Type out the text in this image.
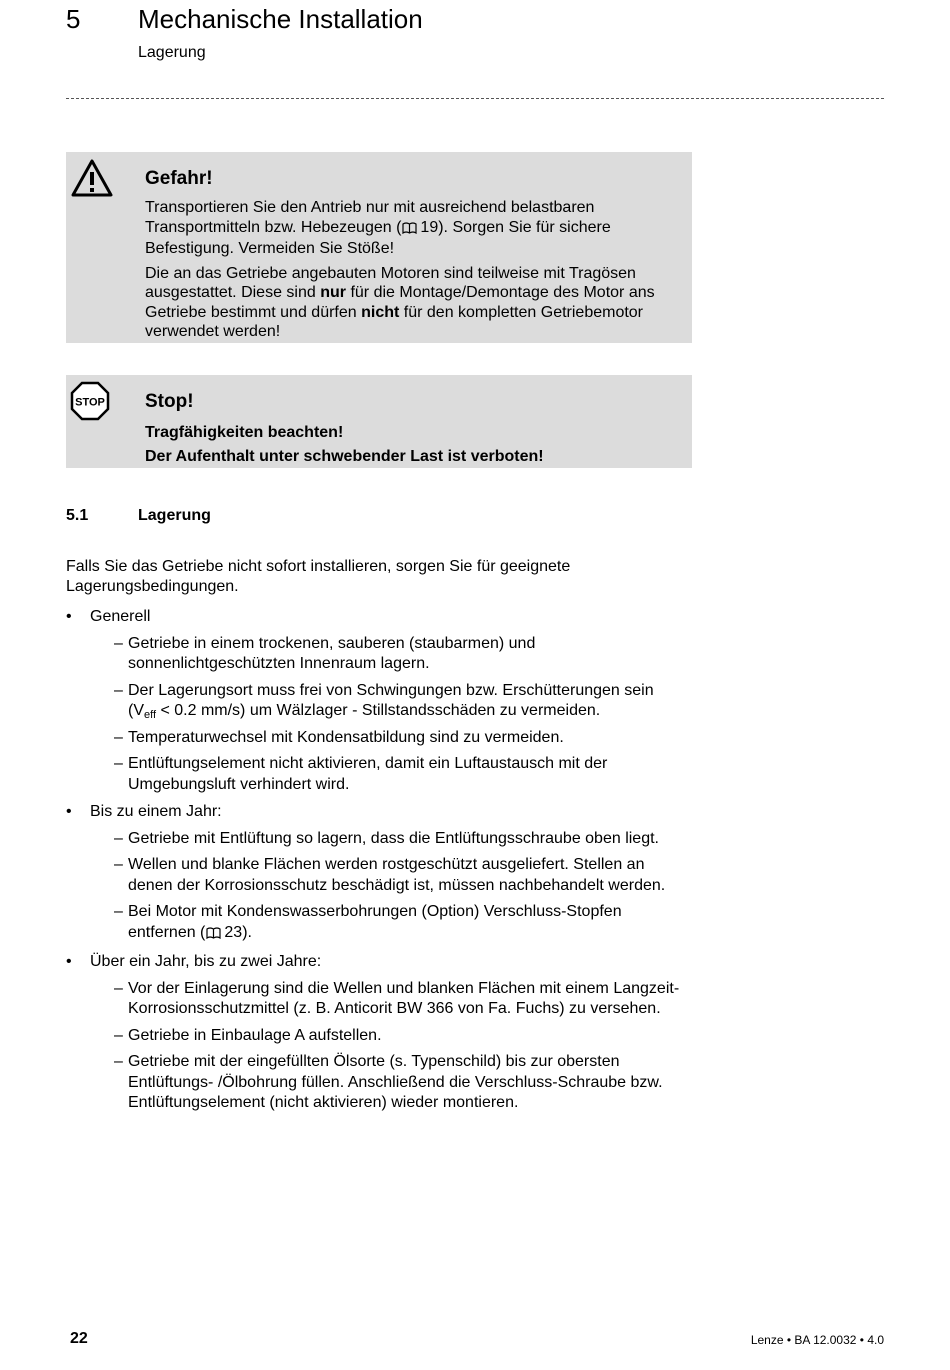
5 Mechanische Installation
Lagerung
Gefahr!

Transportieren Sie den Antrieb nur mit ausreichend belastbaren Transportmitteln bzw. Hebezeugen ( 19). Sorgen Sie für sichere Befestigung. Vermeiden Sie Stöße!

Die an das Getriebe angebauten Motoren sind teilweise mit Tragösen ausgestattet. Diese sind nur für die Montage/Demontage des Motor ans Getriebe bestimmt und dürfen nicht für den kompletten Getriebemotor verwendet werden!

STOP Stop!
Tragfähigkeiten beachten!
Der Aufenthalt unter schwebender Last ist verboten!
5.1	Lagerung

Falls Sie das Getriebe nicht sofort installieren, sorgen Sie für geeignete Lagerungsbedingungen.

• Generell
– Getriebe in einem trockenen, sauberen (staubarmen) und sonnenlichtgeschützten Innenraum lagern.
– Der Lagerungsort muss frei von Schwingungen bzw. Erschütterungen sein
($V_{eff} < 0.2$ mm/s) um Wälzlager - Stillstandsschäden zu vermeiden.
– Temperaturwechsel mit Kondensatbildung sind zu vermeiden.
– Entlüftungselement nicht aktivieren, damit ein Luftaustausch mit der Umgebungsluft verhindert wird.
• Bis zu einem Jahr:
– Getriebe mit Entlüftung so lagern, dass die Entlüftungsschraube oben liegt.
– Wellen und blanke Flächen werden rostgeschützt ausgeliefert. Stellen an denen der Korrosionsschutz beschädigt ist, müssen nachbehandelt werden.
– Bei Motor mit Kondenswasserbohrungen (Option) Verschluss-Stopfen entfernen ( 23).
• Über ein Jahr, bis zu zwei Jahre:
– Vor der Einlagerung sind die Wellen und blanken Flächen mit einem Langzeit-Korrosionsschutzmittel (z. B. Anticorit BW 366 von Fa. Fuchs) zu versehen.
– Getriebe in Einbaulage A aufstellen.
– Getriebe mit der eingefüllten Ölsorte (s. Typenschild) bis zur obersten Entlüftungs- /Ölbohrung füllen. Anschließend die Verschluss-Schraube bzw. Entlüftungselement (nicht aktivieren) wieder montieren.
22	Lenze • BA 12.0032 • 4.0
